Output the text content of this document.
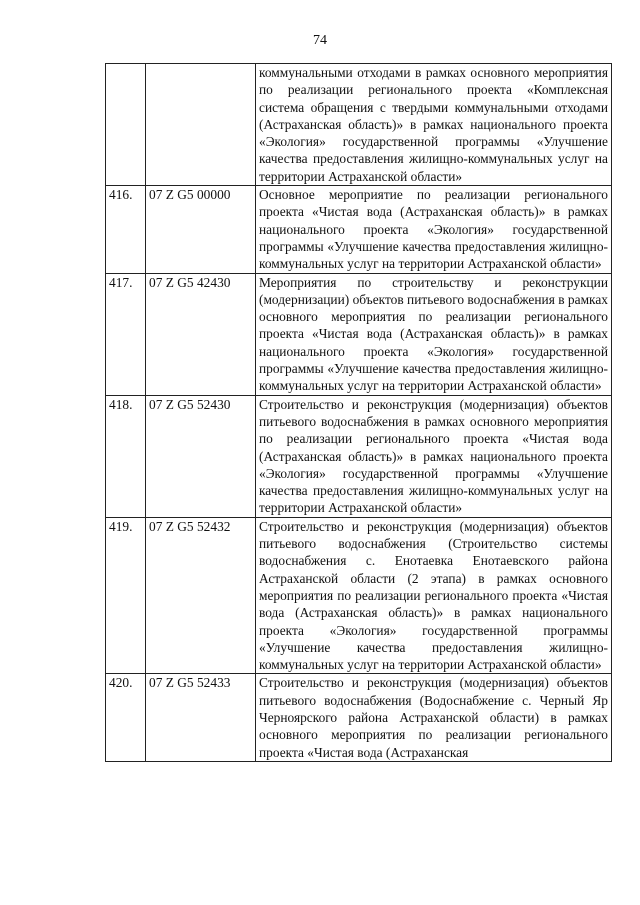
74
		коммунальными отходами в рамках основного мероприятия по реализации регионального проекта «Комплексная система обращения с твердыми коммунальными отходами (Астраханская область)» в рамках национального проекта «Экология» государственной программы «Улучшение качества предоставления жилищно-коммунальных услуг на территории Астраханской области»
416.	07 Z G5 00000	Основное мероприятие по реализации регионального проекта «Чистая вода (Астраханская область)» в рамках национального проекта «Экология» государственной программы «Улучшение качества предоставления жилищно-коммунальных услуг на территории Астраханской области»
417.	07 Z G5 42430	Мероприятия по строительству и реконструкции (модернизации) объектов питьевого водоснабжения в рамках основного мероприятия по реализации регионального проекта «Чистая вода (Астраханская область)» в рамках национального проекта «Экология» государственной программы «Улучшение качества предоставления жилищно-коммунальных услуг на территории Астраханской области»
418.	07 Z G5 52430	Строительство и реконструкция (модернизация) объектов питьевого водоснабжения в рамках основного мероприятия по реализации регионального проекта «Чистая вода (Астраханская область)» в рамках национального проекта «Экология» государственной программы «Улучшение качества предоставления жилищно-коммунальных услуг на территории Астраханской области»
419.	07 Z G5 52432	Строительство и реконструкция (модернизация) объектов питьевого водоснабжения (Строительство системы водоснабжения с. Енотаевка Енотаевского района Астраханской области (2 этапа) в рамках основного мероприятия по реализации регионального проекта «Чистая вода (Астраханская область)» в рамках национального проекта «Экология» государственной программы «Улучшение качества предоставления жилищно-коммунальных услуг на территории Астраханской области»
420.	07 Z G5 52433	Строительство и реконструкция (модернизация) объектов питьевого водоснабжения (Водоснабжение с. Черный Яр Черноярского района Астраханской области) в рамках основного мероприятия по реализации регионального проекта «Чистая вода (Астраханская
